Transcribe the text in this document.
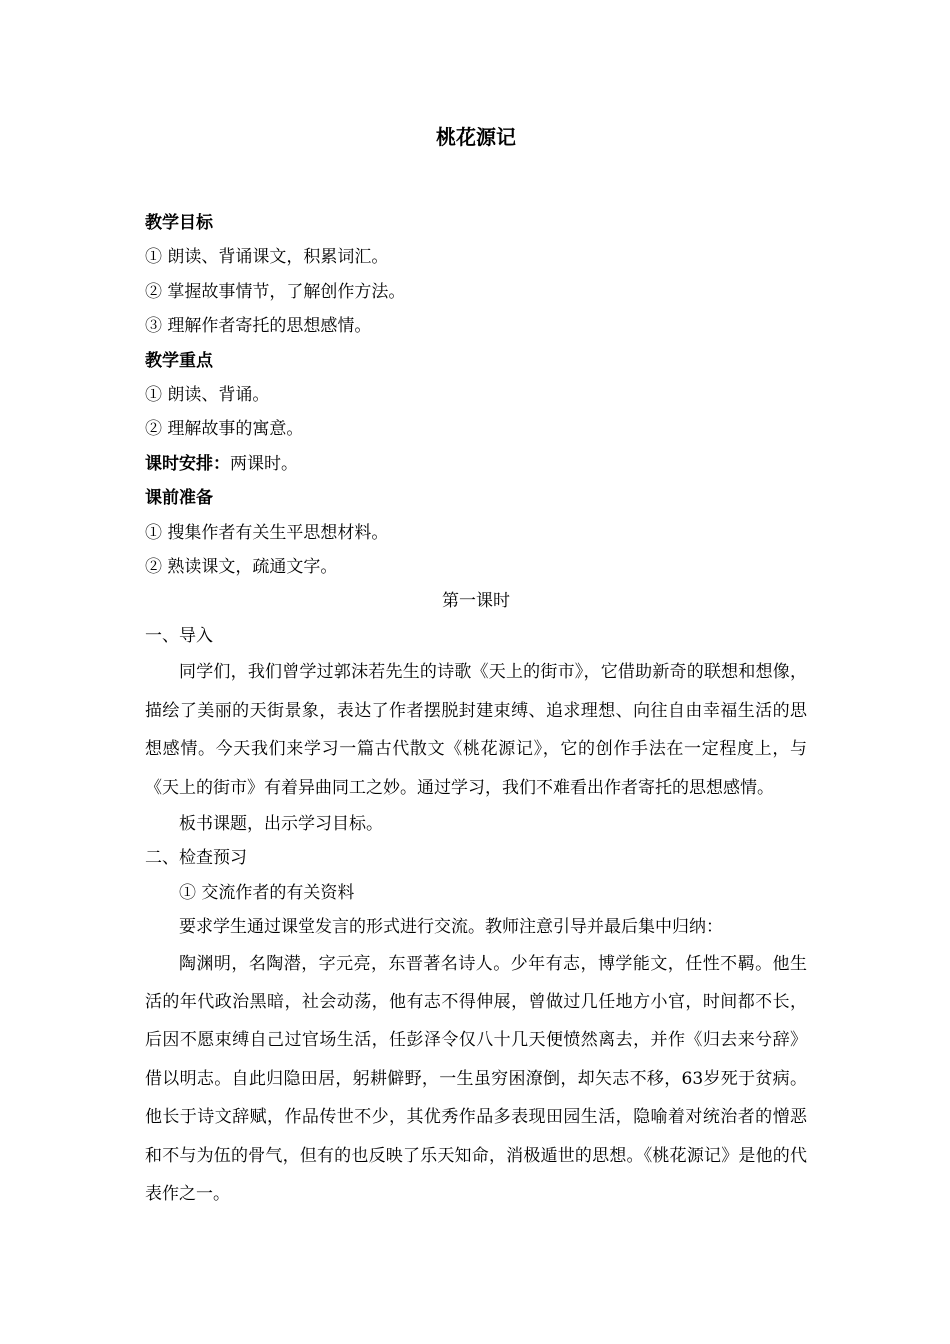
桃花源记
教学目标
① 朗读、背诵课文，积累词汇。
② 掌握故事情节，了解创作方法。
③ 理解作者寄托的思想感情。
教学重点
① 朗读、背诵。
② 理解故事的寓意。
课时安排：两课时。
课前准备
① 搜集作者有关生平思想材料。
② 熟读课文，疏通文字。
第一课时
一、导入

同学们，我们曾学过郭沫若先生的诗歌《天上的街市》，它借助新奇的联想和想像，描绘了美丽的天街景象，表达了作者摆脱封建束缚、追求理想、向往自由幸福生活的思想感情。今天我们来学习一篇古代散文《桃花源记》，它的创作手法在一定程度上，与《天上的街市》有着异曲同工之妙。通过学习，我们不难看出作者寄托的思想感情。

板书课题，出示学习目标。
二、检查预习
① 交流作者的有关资料
要求学生通过课堂发言的形式进行交流。教师注意引导并最后集中归纳：

陶渊明，名陶潜，字元亮，东晋著名诗人。少年有志，博学能文，任性不羁。他生活的年代政治黑暗，社会动荡，他有志不得伸展，曾做过几任地方小官，时间都不长，后因不愿束缚自己过官场生活，任彭泽令仅八十几天便愤然离去，并作《归去来兮辞》借以明志。自此归隐田居，躬耕僻野，一生虽穷困潦倒，却矢志不移，63岁死于贫病。他长于诗文辞赋，作品传世不少，其优秀作品多表现田园生活，隐喻着对统治者的憎恶和不与为伍的骨气，但有的也反映了乐天知命，消极遁世的思想。《桃花源记》是他的代表作之一。
